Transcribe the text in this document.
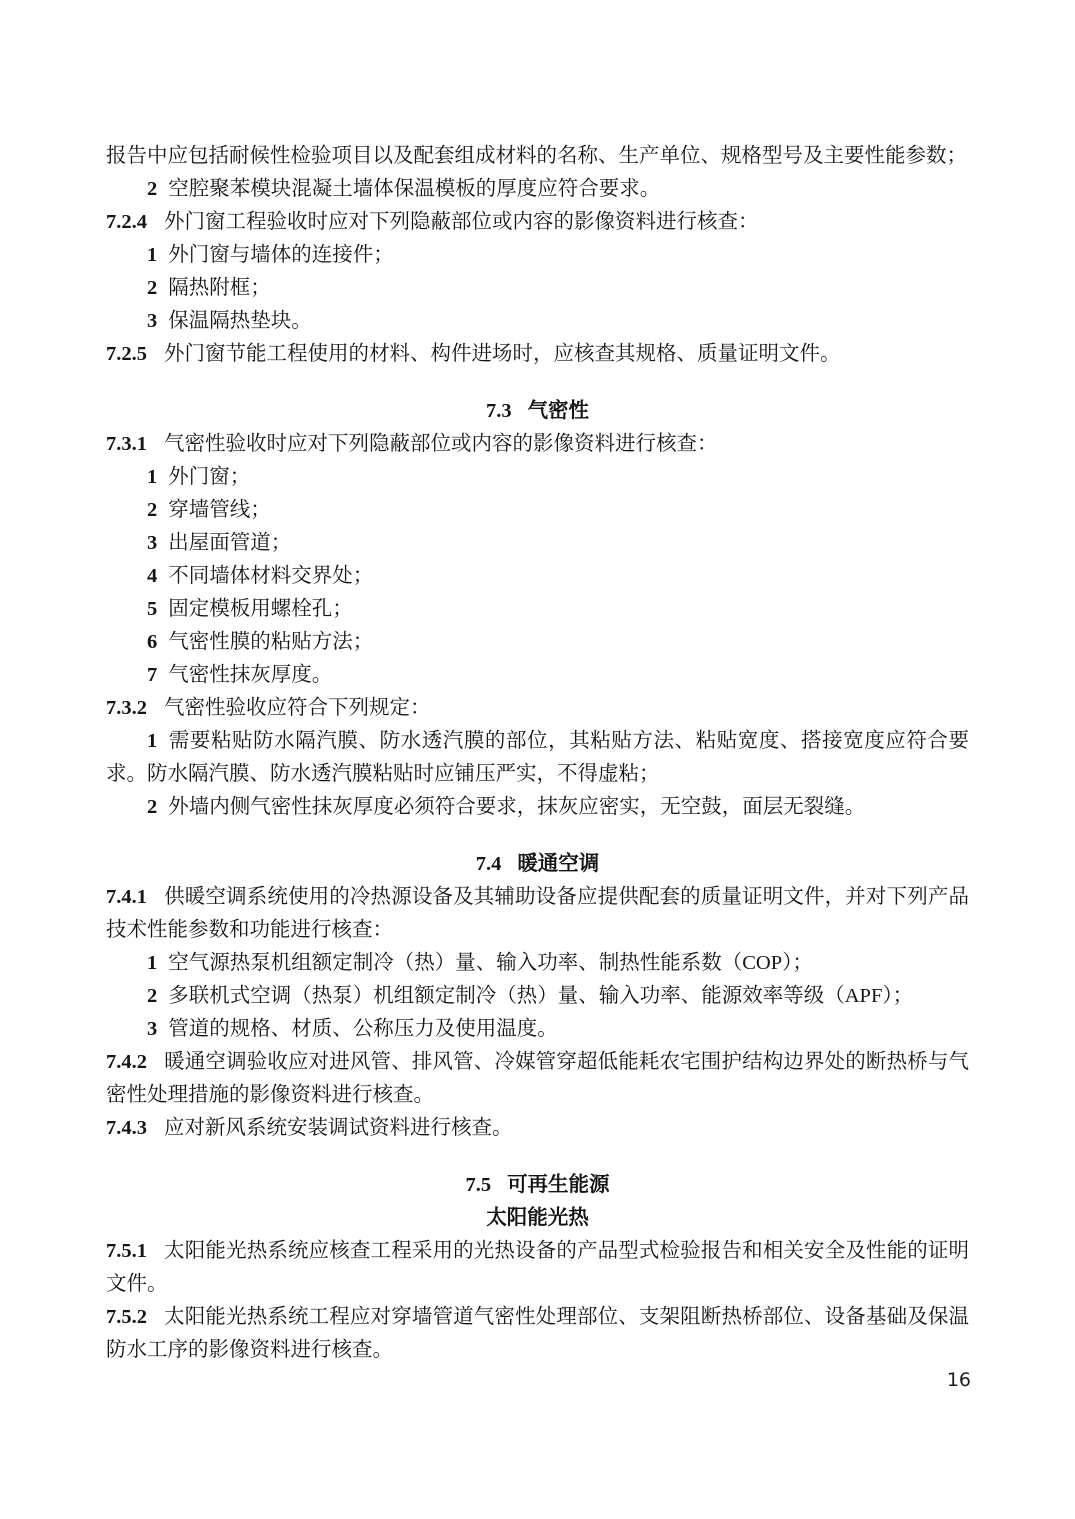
报告中应包括耐候性检验项目以及配套组成材料的名称、生产单位、规格型号及主要性能参数；

2 空腔聚苯模块混凝土墙体保温模板的厚度应符合要求。

7.2.4 外门窗工程验收时应对下列隐蔽部位或内容的影像资料进行核查：

1 外门窗与墙体的连接件；

2 隔热附框；

3 保温隔热垫块。

7.2.5 外门窗节能工程使用的材料、构件进场时，应核查其规格、质量证明文件。

7.3 气密性

7.3.1 气密性验收时应对下列隐蔽部位或内容的影像资料进行核查：

1 外门窗；

2 穿墙管线；

3 出屋面管道；

4 不同墙体材料交界处；

5 固定模板用螺栓孔；

6 气密性膜的粘贴方法；

7 气密性抹灰厚度。

7.3.2 气密性验收应符合下列规定：

1 需要粘贴防水隔汽膜、防水透汽膜的部位，其粘贴方法、粘贴宽度、搭接宽度应符合要求。防水隔汽膜、防水透汽膜粘贴时应铺压严实，不得虚粘；

2 外墙内侧气密性抹灰厚度必须符合要求，抹灰应密实，无空鼓，面层无裂缝。

7.4 暖通空调

7.4.1 供暖空调系统使用的冷热源设备及其辅助设备应提供配套的质量证明文件，并对下列产品技术性能参数和功能进行核查：

1 空气源热泵机组额定制冷（热）量、输入功率、制热性能系数（COP）；

2 多联机式空调（热泵）机组额定制冷（热）量、输入功率、能源效率等级（APF）；

3 管道的规格、材质、公称压力及使用温度。

7.4.2 暖通空调验收应对进风管、排风管、冷媒管穿超低能耗农宅围护结构边界处的断热桥与气密性处理措施的影像资料进行核查。

7.4.3 应对新风系统安装调试资料进行核查。

7.5 可再生能源
太阳能光热

7.5.1 太阳能光热系统应核查工程采用的光热设备的产品型式检验报告和相关安全及性能的证明文件。

7.5.2 太阳能光热系统工程应对穿墙管道气密性处理部位、支架阻断热桥部位、设备基础及保温防水工序的影像资料进行核查。

16
